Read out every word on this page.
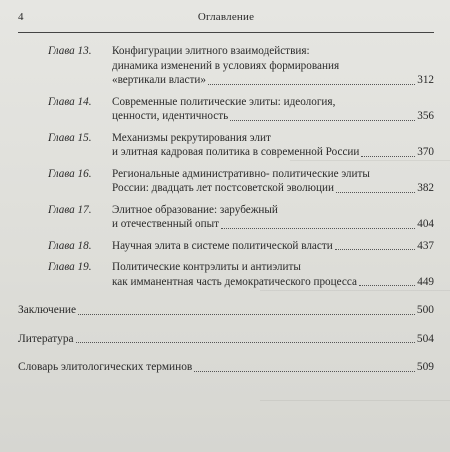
4	Оглавление
Глава 13.	Конфигурации элитного взаимодействия:
динамика изменений в условиях формирования
«вертикали власти»	312
Глава 14.	Современные политические элиты: идеология,
ценности, идентичность	356
Глава 15.	Механизмы рекрутирования элит
и элитная кадровая политика в современной России	370
Глава 16.	Региональные административно- политические элиты
России: двадцать лет постсоветской эволюции	382
Глава 17.	Элитное образование: зарубежный
и отечественный опыт	404
Глава 18.	Научная элита в системе политической власти	437
Глава 19.	Политические контрэлиты и антиэлиты
как имманентная часть демократического процесса	449
Заключение	500
Литература	504
Словарь элитологических терминов	509
